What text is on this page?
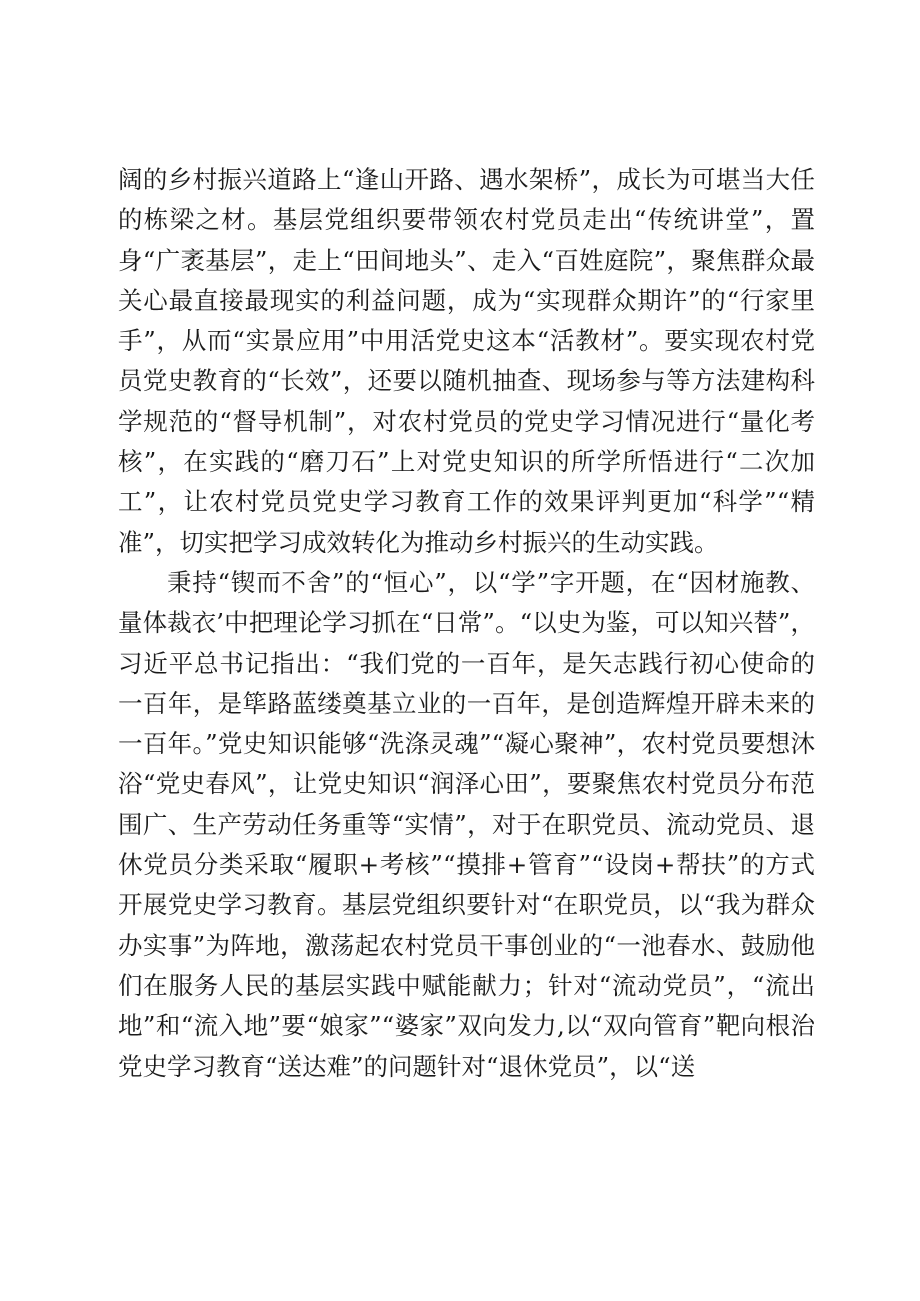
阔的乡村振兴道路上“逢山开路、遇水架桥”，成长为可堪当大任的栋梁之材。基层党组织要带领农村党员走出“传统讲堂”，置身“广袤基层”，走上“田间地头”、走入“百姓庭院”，聚焦群众最关心最直接最现实的利益问题，成为“实现群众期许”的“行家里手”，从而“实景应用”中用活党史这本“活教材”。要实现农村党员党史教育的“长效”，还要以随机抽查、现场参与等方法建构科学规范的“督导机制”，对农村党员的党史学习情况进行“量化考核”，在实践的“磨刀石”上对党史知识的所学所悟进行“二次加工”，让农村党员党史学习教育工作的效果评判更加“科学”“精准”，切实把学习成效转化为推动乡村振兴的生动实践。

秉持“锲而不舍”的“恒心”，以“学”字开题，在“因材施教、量体裁衣’中把理论学习抓在“日常”。“以史为鉴，可以知兴替”，习近平总书记指出：“我们党的一百年，是矢志践行初心使命的一百年，是筚路蓝缕奠基立业的一百年，是创造辉煌开辟未来的一百年。”党史知识能够“洗涤灵魂”“凝心聚神”，农村党员要想沐浴“党史春风”，让党史知识“润泽心田”，要聚焦农村党员分布范围广、生产劳动任务重等“实情”，对于在职党员、流动党员、退休党员分类采取“履职+考核”“摸排+管育”“设岗+帮扶”的方式开展党史学习教育。基层党组织要针对“在职党员，以“我为群众办实事”为阵地，激荡起农村党员干事创业的“一池春水、鼓励他们在服务人民的基层实践中赋能献力；针对“流动党员”，“流出地”和“流入地”要“娘家”“婆家”双向发力,以“双向管育”靶向根治党史学习教育“送达难”的问题针对“退休党员”，以“送
